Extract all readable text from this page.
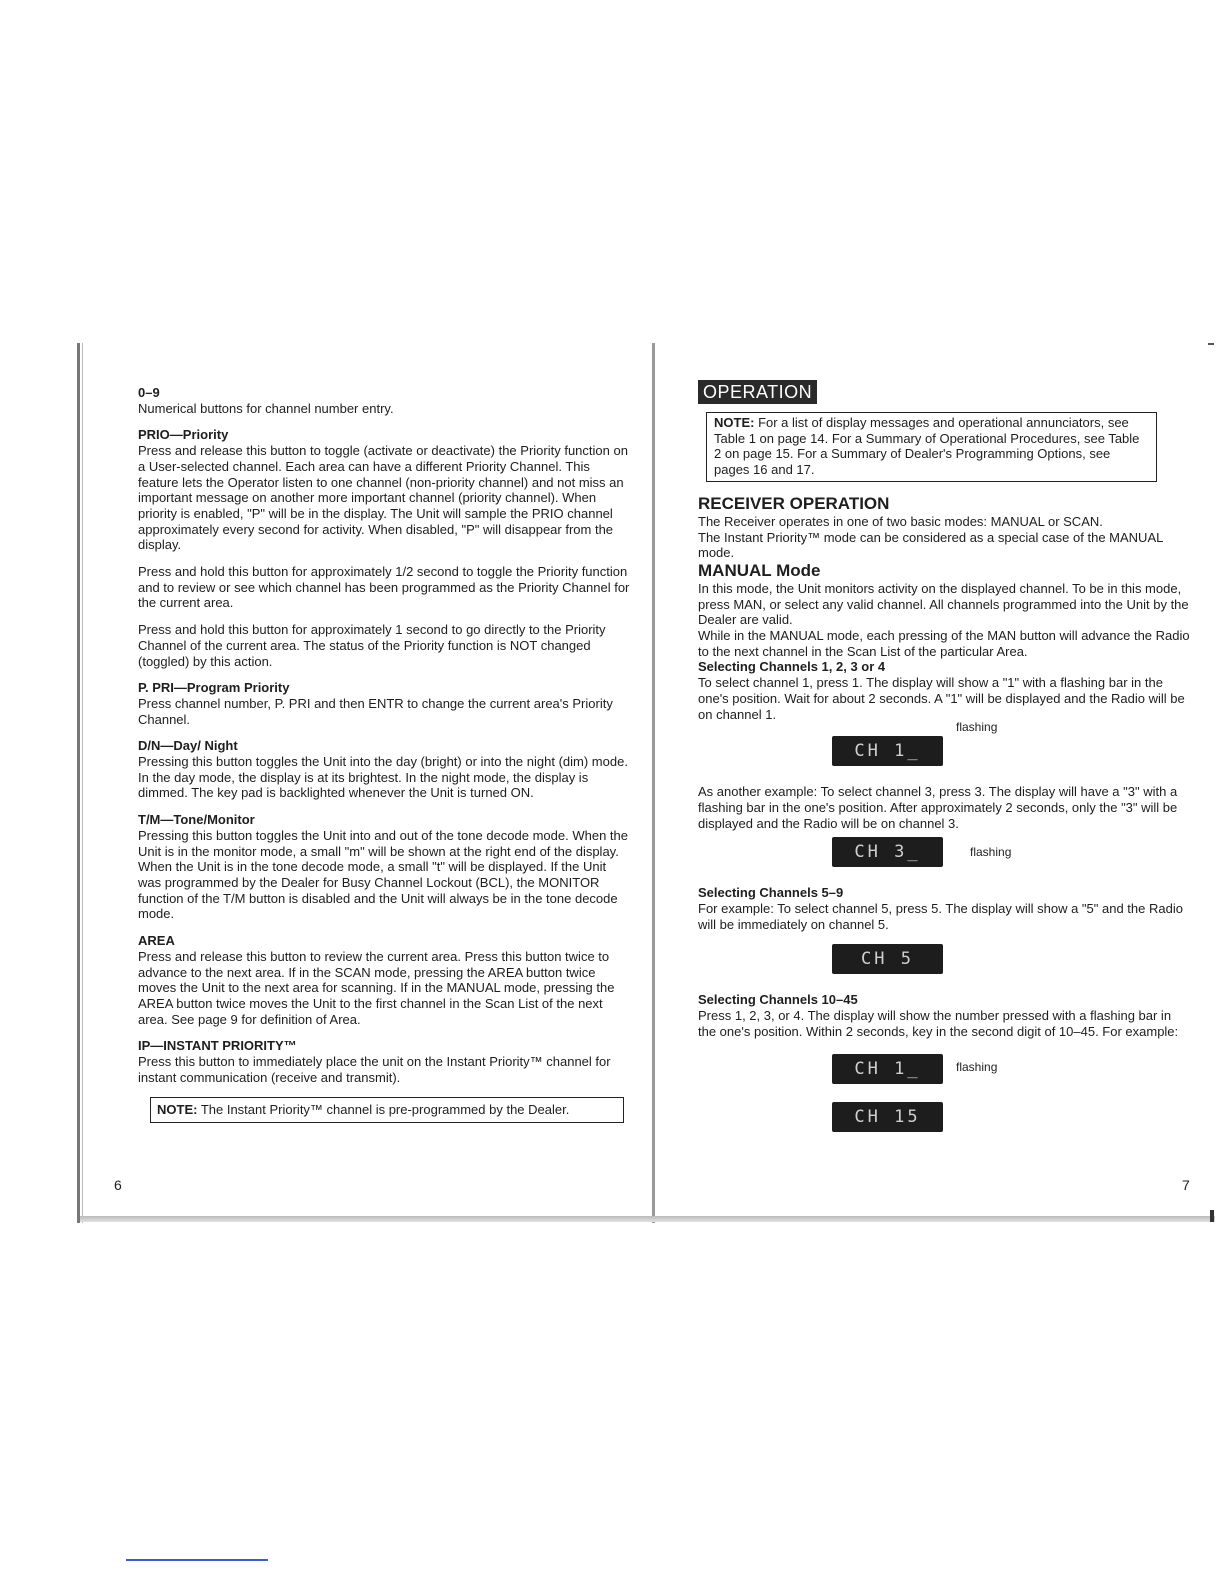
0–9

Numerical buttons for channel number entry.

PRIO—Priority

Press and release this button to toggle (activate or deactivate) the Priority function on a User-selected channel. Each area can have a different Priority Channel. This feature lets the Operator listen to one channel (non-priority channel) and not miss an important message on another more important channel (priority channel). When priority is enabled, "P" will be in the display. The Unit will sample the PRIO channel approximately every second for activity. When disabled, "P" will disappear from the display.

Press and hold this button for approximately 1/2 second to toggle the Priority function and to review or see which channel has been programmed as the Priority Channel for the current area.

Press and hold this button for approximately 1 second to go directly to the Priority Channel of the current area. The status of the Priority function is NOT changed (toggled) by this action.

P. PRI—Program Priority

Press channel number, P. PRI and then ENTR to change the current area's Priority Channel.

D/N—Day/ Night

Pressing this button toggles the Unit into the day (bright) or into the night (dim) mode. In the day mode, the display is at its brightest. In the night mode, the display is dimmed. The key pad is backlighted whenever the Unit is turned ON.

T/M—Tone/Monitor

Pressing this button toggles the Unit into and out of the tone decode mode. When the Unit is in the monitor mode, a small "m" will be shown at the right end of the display. When the Unit is in the tone decode mode, a small "t" will be displayed. If the Unit was programmed by the Dealer for Busy Channel Lockout (BCL), the MONITOR function of the T/M button is disabled and the Unit will always be in the tone decode mode.

AREA

Press and release this button to review the current area. Press this button twice to advance to the next area. If in the SCAN mode, pressing the AREA button twice moves the Unit to the next area for scanning. If in the MANUAL mode, pressing the AREA button twice moves the Unit to the first channel in the Scan List of the next area. See page 9 for definition of Area.

IP—INSTANT PRIORITY™

Press this button to immediately place the unit on the Instant Priority™ channel for instant communication (receive and transmit).

NOTE: The Instant Priority™ channel is pre-programmed by the Dealer.
6
OPERATION
NOTE: For a list of display messages and operational annunciators, see Table 1 on page 14. For a Summary of Operational Procedures, see Table 2 on page 15. For a Summary of Dealer's Programming Options, see pages 16 and 17.

RECEIVER OPERATION

The Receiver operates in one of two basic modes: MANUAL or SCAN.

The Instant Priority™ mode can be considered as a special case of the MANUAL mode.

MANUAL Mode

In this mode, the Unit monitors activity on the displayed channel. To be in this mode, press MAN, or select any valid channel. All channels programmed into the Unit by the Dealer are valid.

While in the MANUAL mode, each pressing of the MAN button will advance the Radio to the next channel in the Scan List of the particular Area.

Selecting Channels 1, 2, 3 or 4

To select channel 1, press 1. The display will show a "1" with a flashing bar in the one's position. Wait for about 2 seconds. A "1" will be displayed and the Radio will be on channel 1.

CH 1_
flashing

As another example: To select channel 3, press 3. The display will have a "3" with a flashing bar in the one's position. After approximately 2 seconds, only the "3" will be displayed and the Radio will be on channel 3.

CH 3_	flashing

Selecting Channels 5–9

For example: To select channel 5, press 5. The display will show a "5" and the Radio will be immediately on channel 5.

CH 5

Selecting Channels 10–45

Press 1, 2, 3, or 4. The display will show the number pressed with a flashing bar in the one's position. Within 2 seconds, key in the second digit of 10–45. For example:

CH 1_	flashing
CH 15
7
